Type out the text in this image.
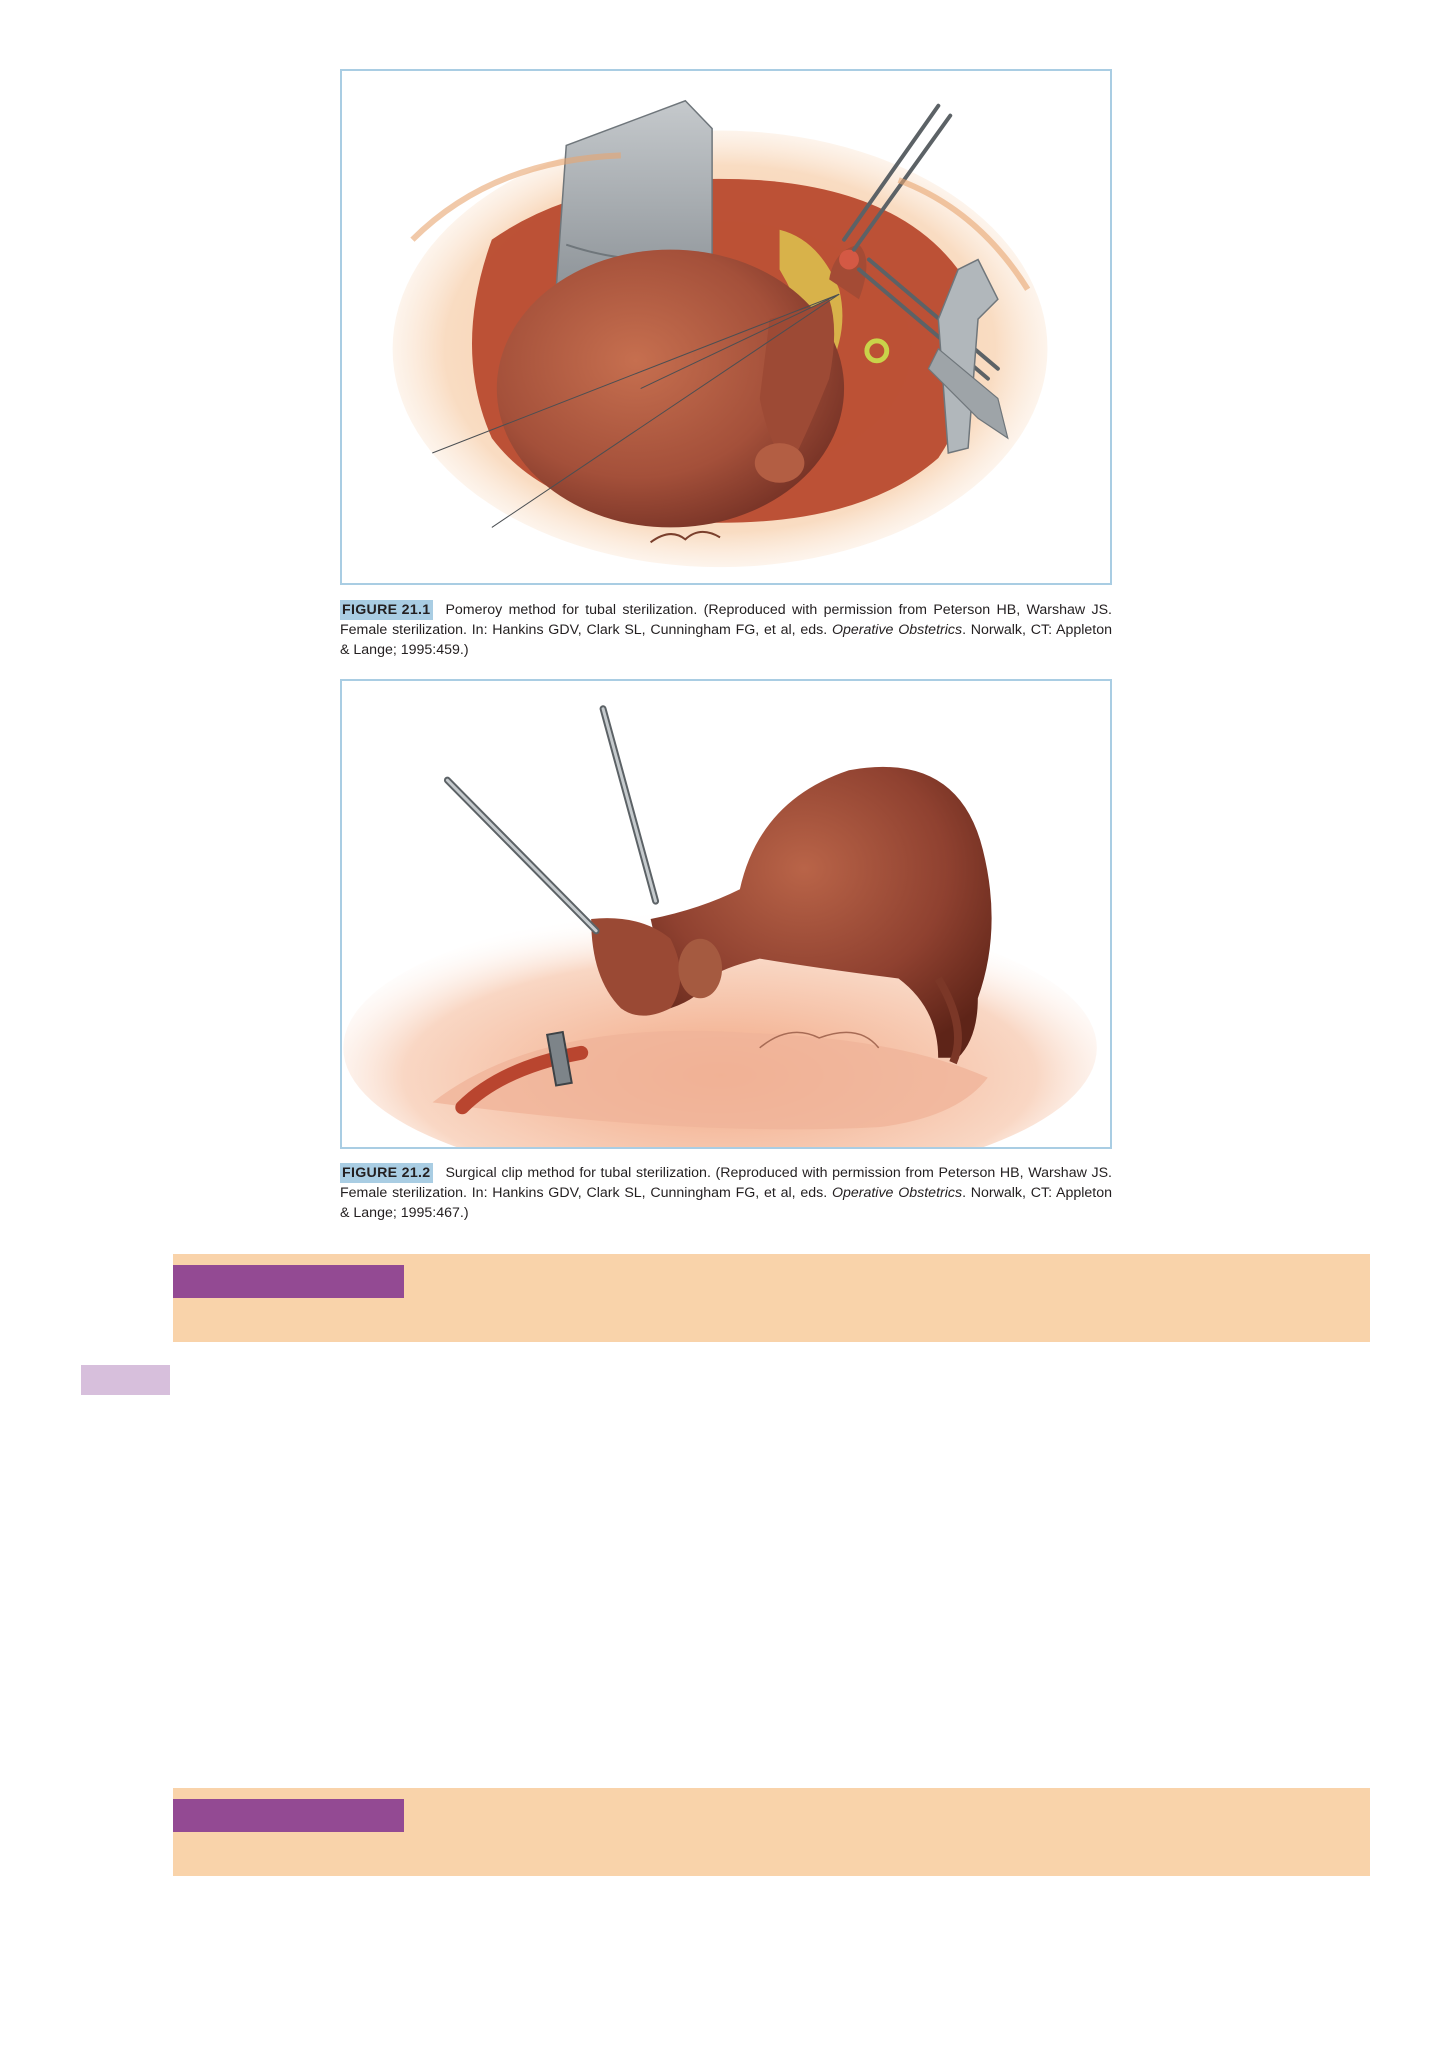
FIGURE 21.1 Pomeroy method for tubal sterilization. (Reproduced with permission from Peterson HB, Warshaw JS. Female sterilization. In: Hankins GDV, Clark SL, Cunningham FG, et al, eds. Operative Obstetrics. Norwalk, CT: Appleton & Lange; 1995:459.)
FIGURE 21.2 Surgical clip method for tubal sterilization. (Reproduced with permission from Peterson HB, Warshaw JS. Female sterilization. In: Hankins GDV, Clark SL, Cunningham FG, et al, eds. Operative Obstetrics. Norwalk, CT: Appleton & Lange; 1995:467.)
